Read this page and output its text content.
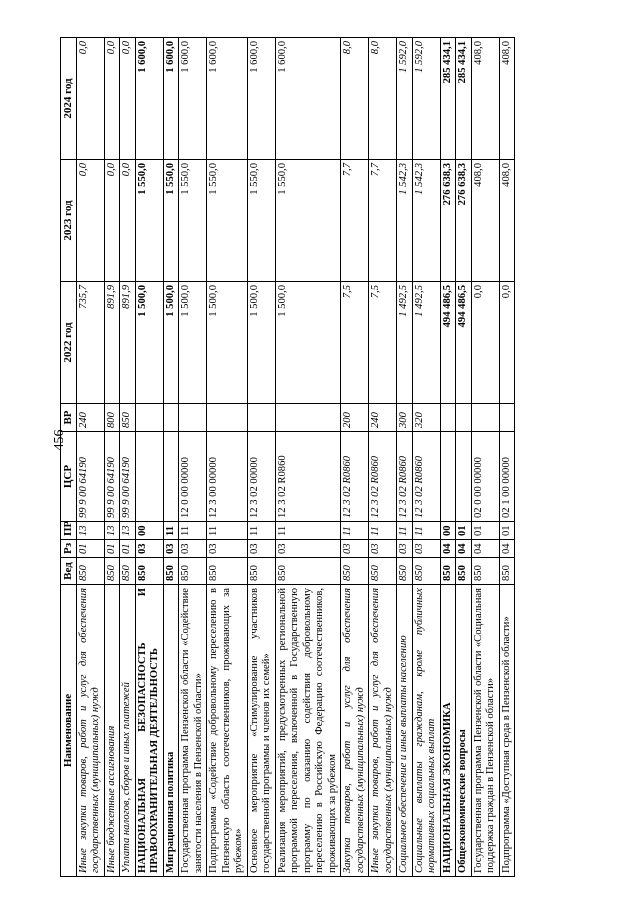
456
Наименование	Вед	Рз	ПР	ЦСР	ВР	2022 год	2023 год	2024 год
Иные закупки товаров, работ и услуг для обеспечения государственных (муниципальных) нужд	850	01	13	99 9 00 64190	240	735,7	0,0	0,0
Иные бюджетные ассигнования	850	01	13	99 9 00 64190	800	891,9	0,0	0,0
Уплата налогов, сборов и иных платежей	850	01	13	99 9 00 64190	850	891,9	0,0	0,0
НАЦИОНАЛЬНАЯ БЕЗОПАСНОСТЬ И ПРАВООХРАНИТЕЛЬНАЯ ДЕЯТЕЛЬНОСТЬ	850	03	00			1 500,0	1 550,0	1 600,0
Миграционная политика	850	03	11			1 500,0	1 550,0	1 600,0
Государственная программа Пензенской области «Содействие занятости населения в Пензенской области»	850	03	11	12 0 00 00000		1 500,0	1 550,0	1 600,0
Подпрограмма «Содействие добровольному переселению в Пензенскую область соотечественников, проживающих за рубежом»	850	03	11	12 3 00 00000		1 500,0	1 550,0	1 600,0
Основное мероприятие «Стимулирование участников государственной программы и членов их семей»	850	03	11	12 3 02 00000		1 500,0	1 550,0	1 600,0
Реализация мероприятий, предусмотренных региональной программой переселения, включенной в Государственную программу по оказанию содействия добровольному переселению в Российскую Федерацию соотечественников, проживающих за рубежом	850	03	11	12 3 02 R0860		1 500,0	1 550,0	1 600,0
Закупка товаров, работ и услуг для обеспечения государственных (муниципальных) нужд	850	03	11	12 3 02 R0860	200	7,5	7,7	8,0
Иные закупки товаров, работ и услуг для обеспечения государственных (муниципальных) нужд	850	03	11	12 3 02 R0860	240	7,5	7,7	8,0
Социальное обеспечение и иные выплаты населению	850	03	11	12 3 02 R0860	300	1 492,5	1 542,3	1 592,0
Социальные выплаты гражданам, кроме публичных нормативных социальных выплат	850	03	11	12 3 02 R0860	320	1 492,5	1 542,3	1 592,0
НАЦИОНАЛЬНАЯ ЭКОНОМИКА	850	04	00			494 486,5	276 638,3	285 434,1
Общеэкономические вопросы	850	04	01			494 486,5	276 638,3	285 434,1
Государственная программа Пензенской области «Социальная поддержка граждан в Пензенской области»	850	04	01	02 0 00 00000		0,0	408,0	408,0
Подпрограмма «Доступная среда в Пензенской области»	850	04	01	02 1 00 00000		0,0	408,0	408,0
